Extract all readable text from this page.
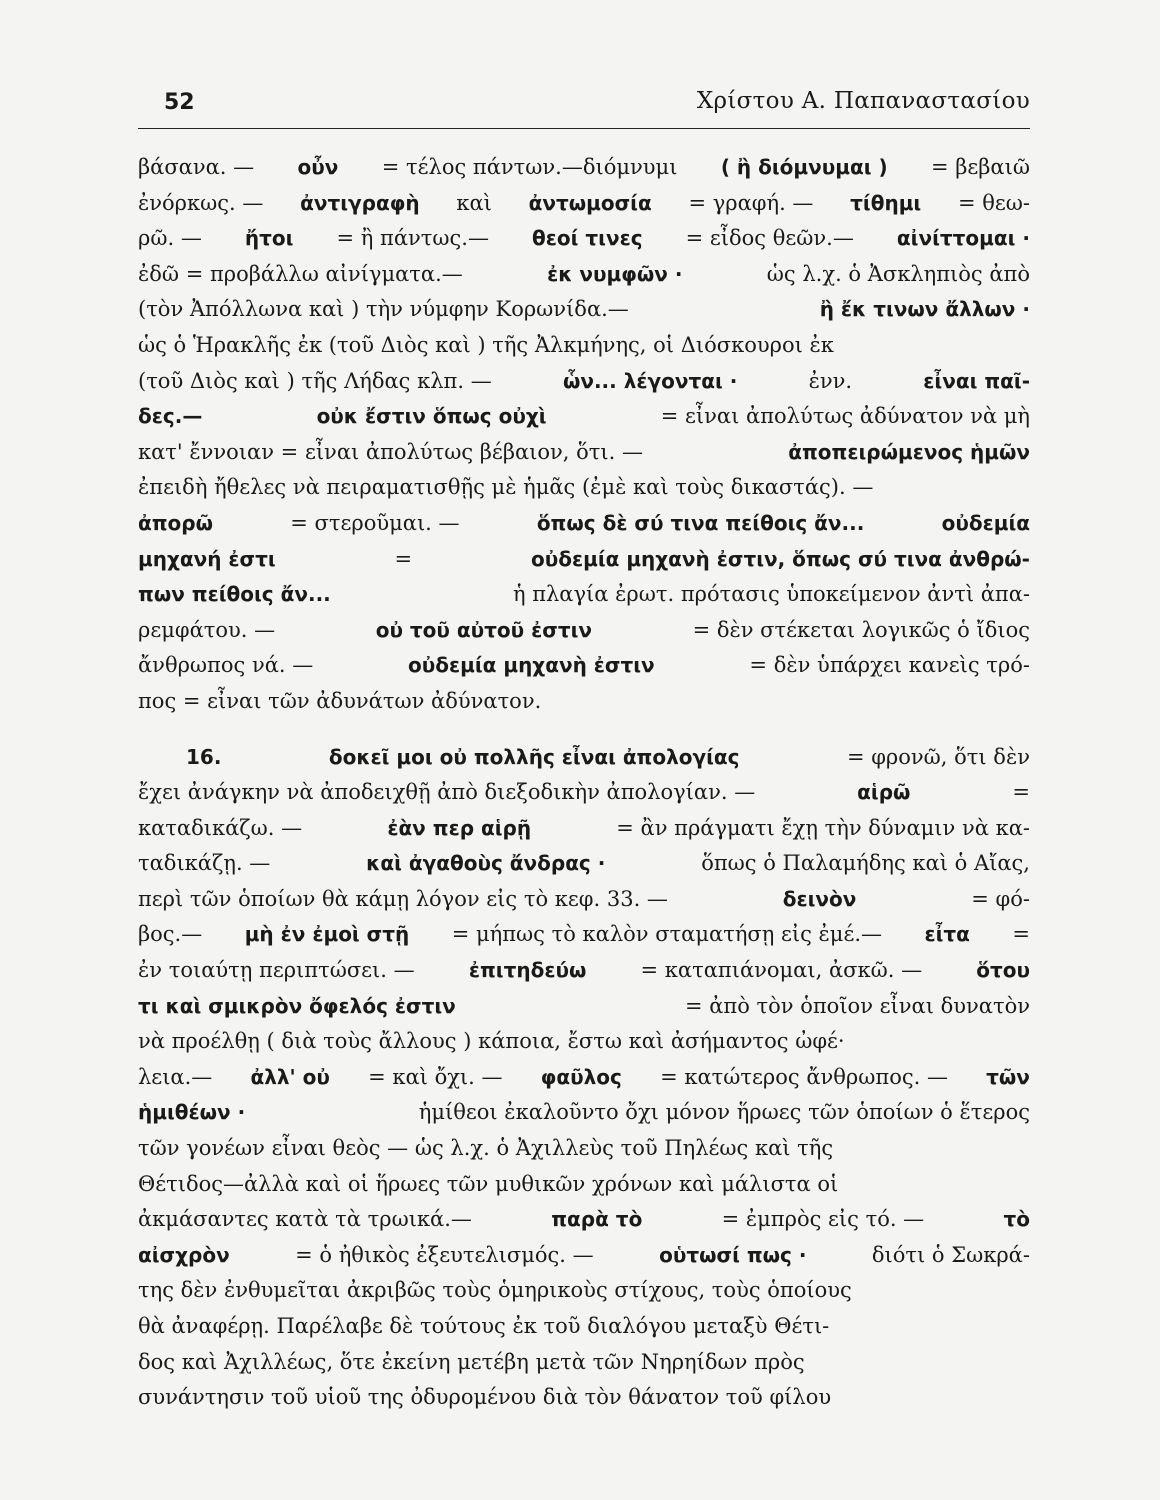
52	Χρίστου Α. Παπαναστασίου
βάσανα. — οὖν = τέλος πάντων.—διόμνυμι ( ἢ διόμνυμαι ) = βεβαιῶ
ἐνόρκως. — ἀντιγραφὴ καὶ ἀντωμοσία = γραφή. — τίθημι = θεω-
ρῶ. — ἤτοι = ἢ πάντως.— θεοί τινες = εἶδος θεῶν.— αἰνίττομαι ·
ἐδῶ = προβάλλω αἰνίγματα.—	ἐκ νυμφῶν ·	ὡς λ.χ. ὁ Ἀσκληπιὸς ἀπὸ
(τὸν Ἀπόλλωνα καὶ ) τὴν νύμφην Κορωνίδα.—	ἢ ἔκ τινων ἄλλων ·
ὡς ὁ Ἡρακλῆς ἐκ (τοῦ Διὸς καὶ ) τῆς Ἀλκμήνης, οἱ Διόσκουροι ἐκ
(τοῦ Διὸς καὶ ) τῆς Λήδας κλπ. —	ὧν... λέγονται ·	ἐνν.	εἶναι παῖ-
δες.—	οὐκ ἔστιν ὅπως οὐχὶ	= εἶναι ἀπολύτως ἀδύνατον νὰ μὴ
κατ' ἔννοιαν = εἶναι ἀπολύτως βέβαιον, ὅτι. —	ἀποπειρώμενος ἡμῶν
ἐπειδὴ ἤθελες νὰ πειραματισθῇς μὲ ἡμᾶς (ἐμὲ καὶ τοὺς δικαστάς). —
ἀπορῶ	= στεροῦμαι. —	ὅπως δὲ σύ τινα πείθοις ἄν...	οὐδεμία
μηχανή ἐστι	=	οὐδεμία μηχανὴ ἐστιν, ὅπως σύ τινα ἀνθρώ-
πων πείθοις ἄν...	ἡ πλαγία ἐρωτ. πρότασις ὑποκείμενον ἀντὶ ἀπα-
ρεμφάτου. —	οὐ τοῦ αὐτοῦ ἐστιν	= δὲν στέκεται λογικῶς ὁ ἴδιος
ἄνθρωπος νά. —	οὐδεμία μηχανὴ ἐστιν	= δὲν ὑπάρχει κανεὶς τρό-
πος = εἶναι τῶν ἀδυνάτων ἀδύνατον.
16.	δοκεῖ μοι οὐ πολλῆς εἶναι ἀπολογίας	= φρονῶ, ὅτι δὲν
ἔχει ἀνάγκην νὰ ἀποδειχθῇ ἀπὸ διεξοδικὴν ἀπολογίαν. —	αἱρῶ	=
καταδικάζω. —	ἐὰν περ αἱρῇ	= ἂν πράγματι ἔχῃ τὴν δύναμιν νὰ κα-
ταδικάζῃ. —	καὶ ἀγαθοὺς ἄνδρας ·	ὅπως ὁ Παλαμήδης καὶ ὁ Αἴας,
περὶ τῶν ὁποίων θὰ κάμῃ λόγον εἰς τὸ κεφ. 33. —	δεινὸν	= φό-
βος.— μὴ ἐν ἐμοὶ στῇ = μήπως τὸ καλὸν σταματήσῃ εἰς ἐμέ.— εἶτα =
ἐν τοιαύτῃ περιπτώσει. —	ἐπιτηδεύω	= καταπιάνομαι, ἀσκῶ. —	ὅτου
τι καὶ σμικρὸν ὄφελός ἐστιν	= ἀπὸ τὸν ὁποῖον εἶναι δυνατὸν
νὰ προέλθῃ ( διὰ τοὺς ἄλλους ) κάποια, ἔστω καὶ ἀσήμαντος ὠφέ·
λεια.— ἀλλ' οὐ = καὶ ὄχι. — φαῦλος = κατώτερος ἄνθρωπος. — τῶν
ἡμιθέων ·	ἡμίθεοι ἐκαλοῦντο ὄχι μόνον ἥρωες τῶν ὁποίων ὁ ἕτερος
τῶν γονέων εἶναι θεὸς — ὡς λ.χ. ὁ Ἀχιλλεὺς τοῦ Πηλέως καὶ τῆς
Θέτιδος—ἀλλὰ καὶ οἱ ἥρωες τῶν μυθικῶν χρόνων καὶ μάλιστα οἱ
ἀκμάσαντες κατὰ τὰ τρωικά.—	παρὰ τὸ	= ἐμπρὸς εἰς τό. —	τὸ
αἰσχρὸν	= ὁ ἠθικὸς ἐξευτελισμός. —	οὑτωσί πως ·	διότι ὁ Σωκρά-
της δὲν ἐνθυμεῖται ἀκριβῶς τοὺς ὁμηρικοὺς στίχους, τοὺς ὁποίους
θὰ ἀναφέρῃ. Παρέλαβε δὲ τούτους ἐκ τοῦ διαλόγου μεταξὺ Θέτι-
δος καὶ Ἀχιλλέως, ὅτε ἐκείνη μετέβη μετὰ τῶν Νηρηίδων πρὸς
συνάντησιν τοῦ υἱοῦ της ὀδυρομένου διὰ τὸν θάνατον τοῦ φίλου
